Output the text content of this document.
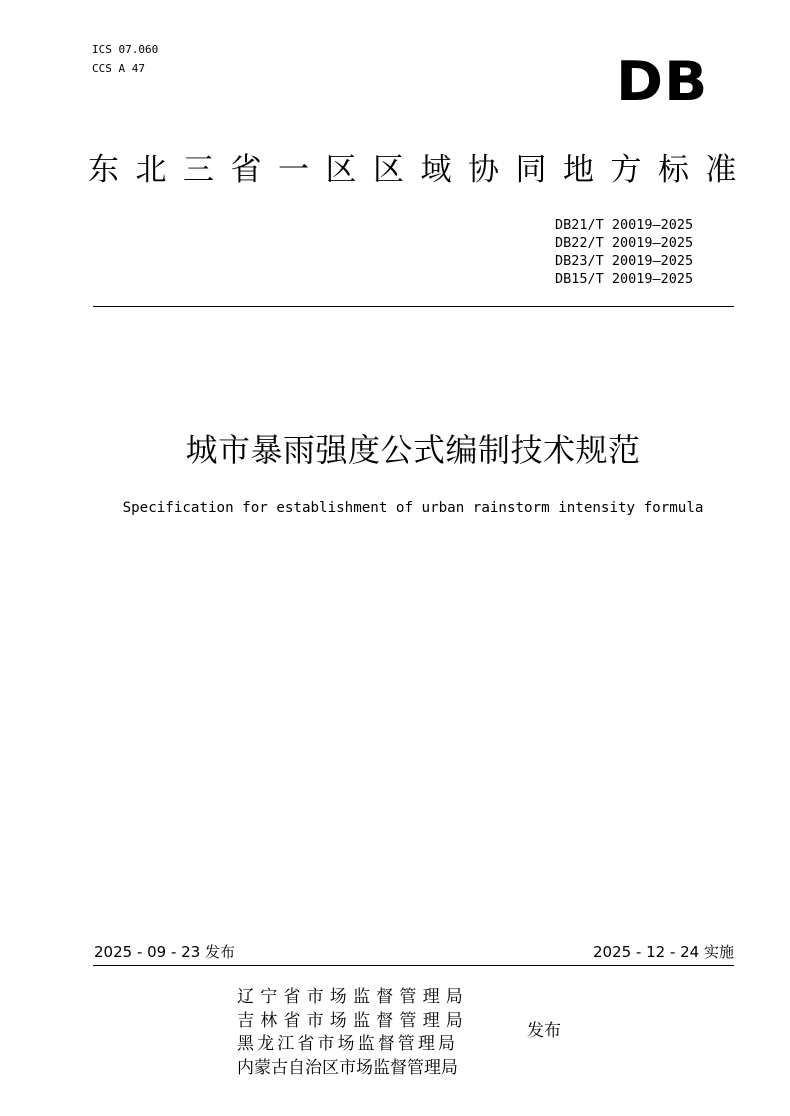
ICS 07.060
CCS A 47	DB
东北三省一区区域协同地方标准
DB21/T 20019—2025
DB22/T 20019—2025
DB23/T 20019—2025
DB15/T 20019—2025
城市暴雨强度公式编制技术规范
Specification for establishment of urban rainstorm intensity formula
2025 - 09 - 23 发布	2025 - 12 - 24 实施
辽宁省市场监督管理局
吉林省市场监督管理局
黑龙江省市场监督管理局
内蒙古自治区市场监督管理局
发布
